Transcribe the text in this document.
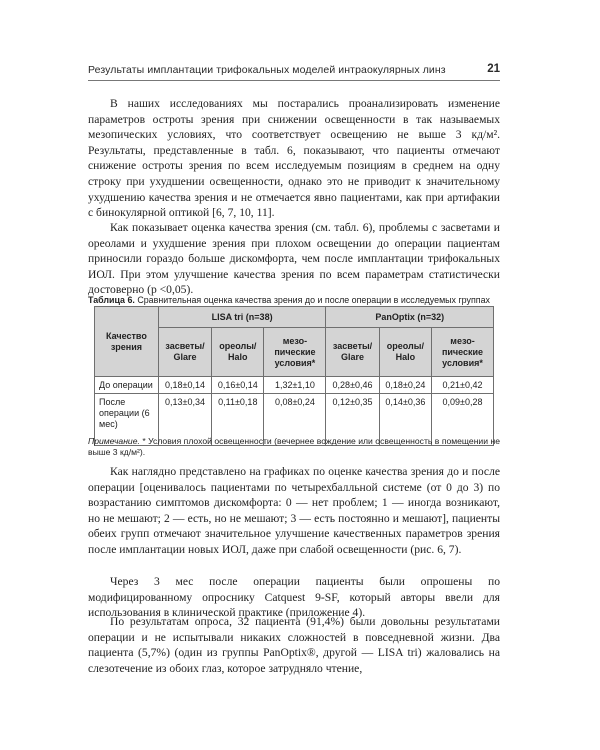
Результаты имплантации трифокальных моделей интраокулярных линз	21

В наших исследованиях мы постарались проанализировать изменение параметров остроты зрения при снижении освещенности в так называемых мезопических условиях, что соответствует освещению не выше 3 кд/м². Результаты, представленные в табл. 6, показывают, что пациенты отмечают снижение остроты зрения по всем исследуемым позициям в среднем на одну строку при ухудшении освещенности, однако это не приводит к значительному ухудшению качества зрения и не отмечается явно пациентами, как при артифакии с бинокулярной оптикой [6, 7, 10, 11].

Как показывает оценка качества зрения (см. табл. 6), проблемы с засветами и ореолами и ухудшение зрения при плохом освещении до операции пациентам приносили гораздо больше дискомфорта, чем после имплантации трифокальных ИОЛ. При этом улучшение качества зрения по всем параметрам статистически достоверно (p <0,05).

Таблица 6. Сравнительная оценка качества зрения до и после операции в исследуемых группах
Качество зрения	LISA tri (n=38)			PanOptix (n=32)		
	засветы/ Glare	ореолы/ Halo	мезо-пические условия*	засветы/ Glare	ореолы/ Halo	мезо-пические условия*
До операции	0,18±0,14	0,16±0,14	1,32±1,10	0,28±0,46	0,18±0,24	0,21±0,42
После операции (6 мес)	0,13±0,34	0,11±0,18	0,08±0,24	0,12±0,35	0,14±0,36	0,09±0,28
Примечание. * Условия плохой освещенности (вечернее вождение или освещенность в помещении не выше 3 кд/м²).

Как наглядно представлено на графиках по оценке качества зрения до и после операции [оценивалось пациентами по четырехбалльной системе (от 0 до 3) по возрастанию симптомов дискомфорта: 0 — нет проблем; 1 — иногда возникают, но не мешают; 2 — есть, но не мешают; 3 — есть постоянно и мешают], пациенты обеих групп отмечают значительное улучшение качественных параметров зрения после имплантации новых ИОЛ, даже при слабой освещенности (рис. 6, 7).

Через 3 мес после операции пациенты были опрошены по модифицированному опроснику Catquest 9-SF, который авторы ввели для использования в клинической практике (приложение 4).

По результатам опроса, 32 пациента (91,4%) были довольны результатами операции и не испытывали никаких сложностей в повседневной жизни. Два пациента (5,7%) (один из группы PanOptix®, другой — LISA tri) жаловались на слезотечение из обоих глаз, которое затрудняло чтение,
